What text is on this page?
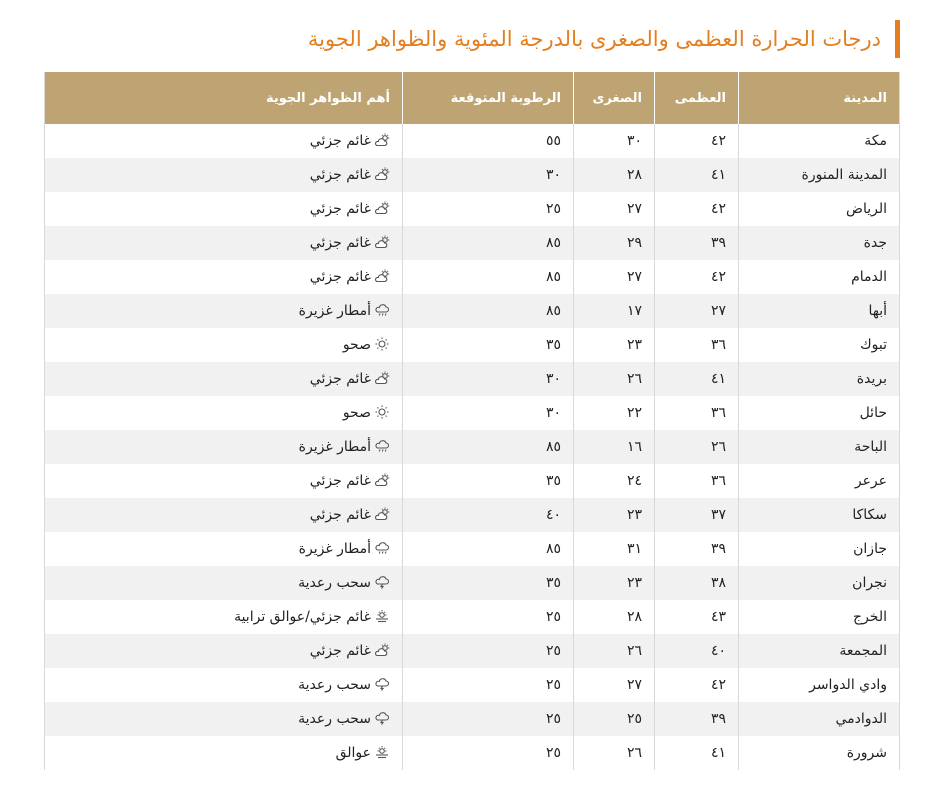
درجات الحرارة العظمى والصغرى بالدرجة المئوية والظواهر الجوية
المدينة	العظمى	الصغرى	الرطوبة المتوقعة	أهم الظواهر الجوية
مكة	٤٢	٣٠	٥٥	غائم جزئي
المدينة المنورة	٤١	٢٨	٣٠	غائم جزئي
الرياض	٤٢	٢٧	٢٥	غائم جزئي
جدة	٣٩	٢٩	٨٥	غائم جزئي
الدمام	٤٢	٢٧	٨٥	غائم جزئي
أبها	٢٧	١٧	٨٥	أمطار غزيرة
تبوك	٣٦	٢٣	٣٥	صحو
بريدة	٤١	٢٦	٣٠	غائم جزئي
حائل	٣٦	٢٢	٣٠	صحو
الباحة	٢٦	١٦	٨٥	أمطار غزيرة
عرعر	٣٦	٢٤	٣٥	غائم جزئي
سكاكا	٣٧	٢٣	٤٠	غائم جزئي
جازان	٣٩	٣١	٨٥	أمطار غزيرة
نجران	٣٨	٢٣	٣٥	سحب رعدية
الخرج	٤٣	٢٨	٢٥	غائم جزئي/عوالق ترابية
المجمعة	٤٠	٢٦	٢٥	غائم جزئي
وادي الدواسر	٤٢	٢٧	٢٥	سحب رعدية
الدوادمي	٣٩	٢٥	٢٥	سحب رعدية
شرورة	٤١	٢٦	٢٥	عوالق
